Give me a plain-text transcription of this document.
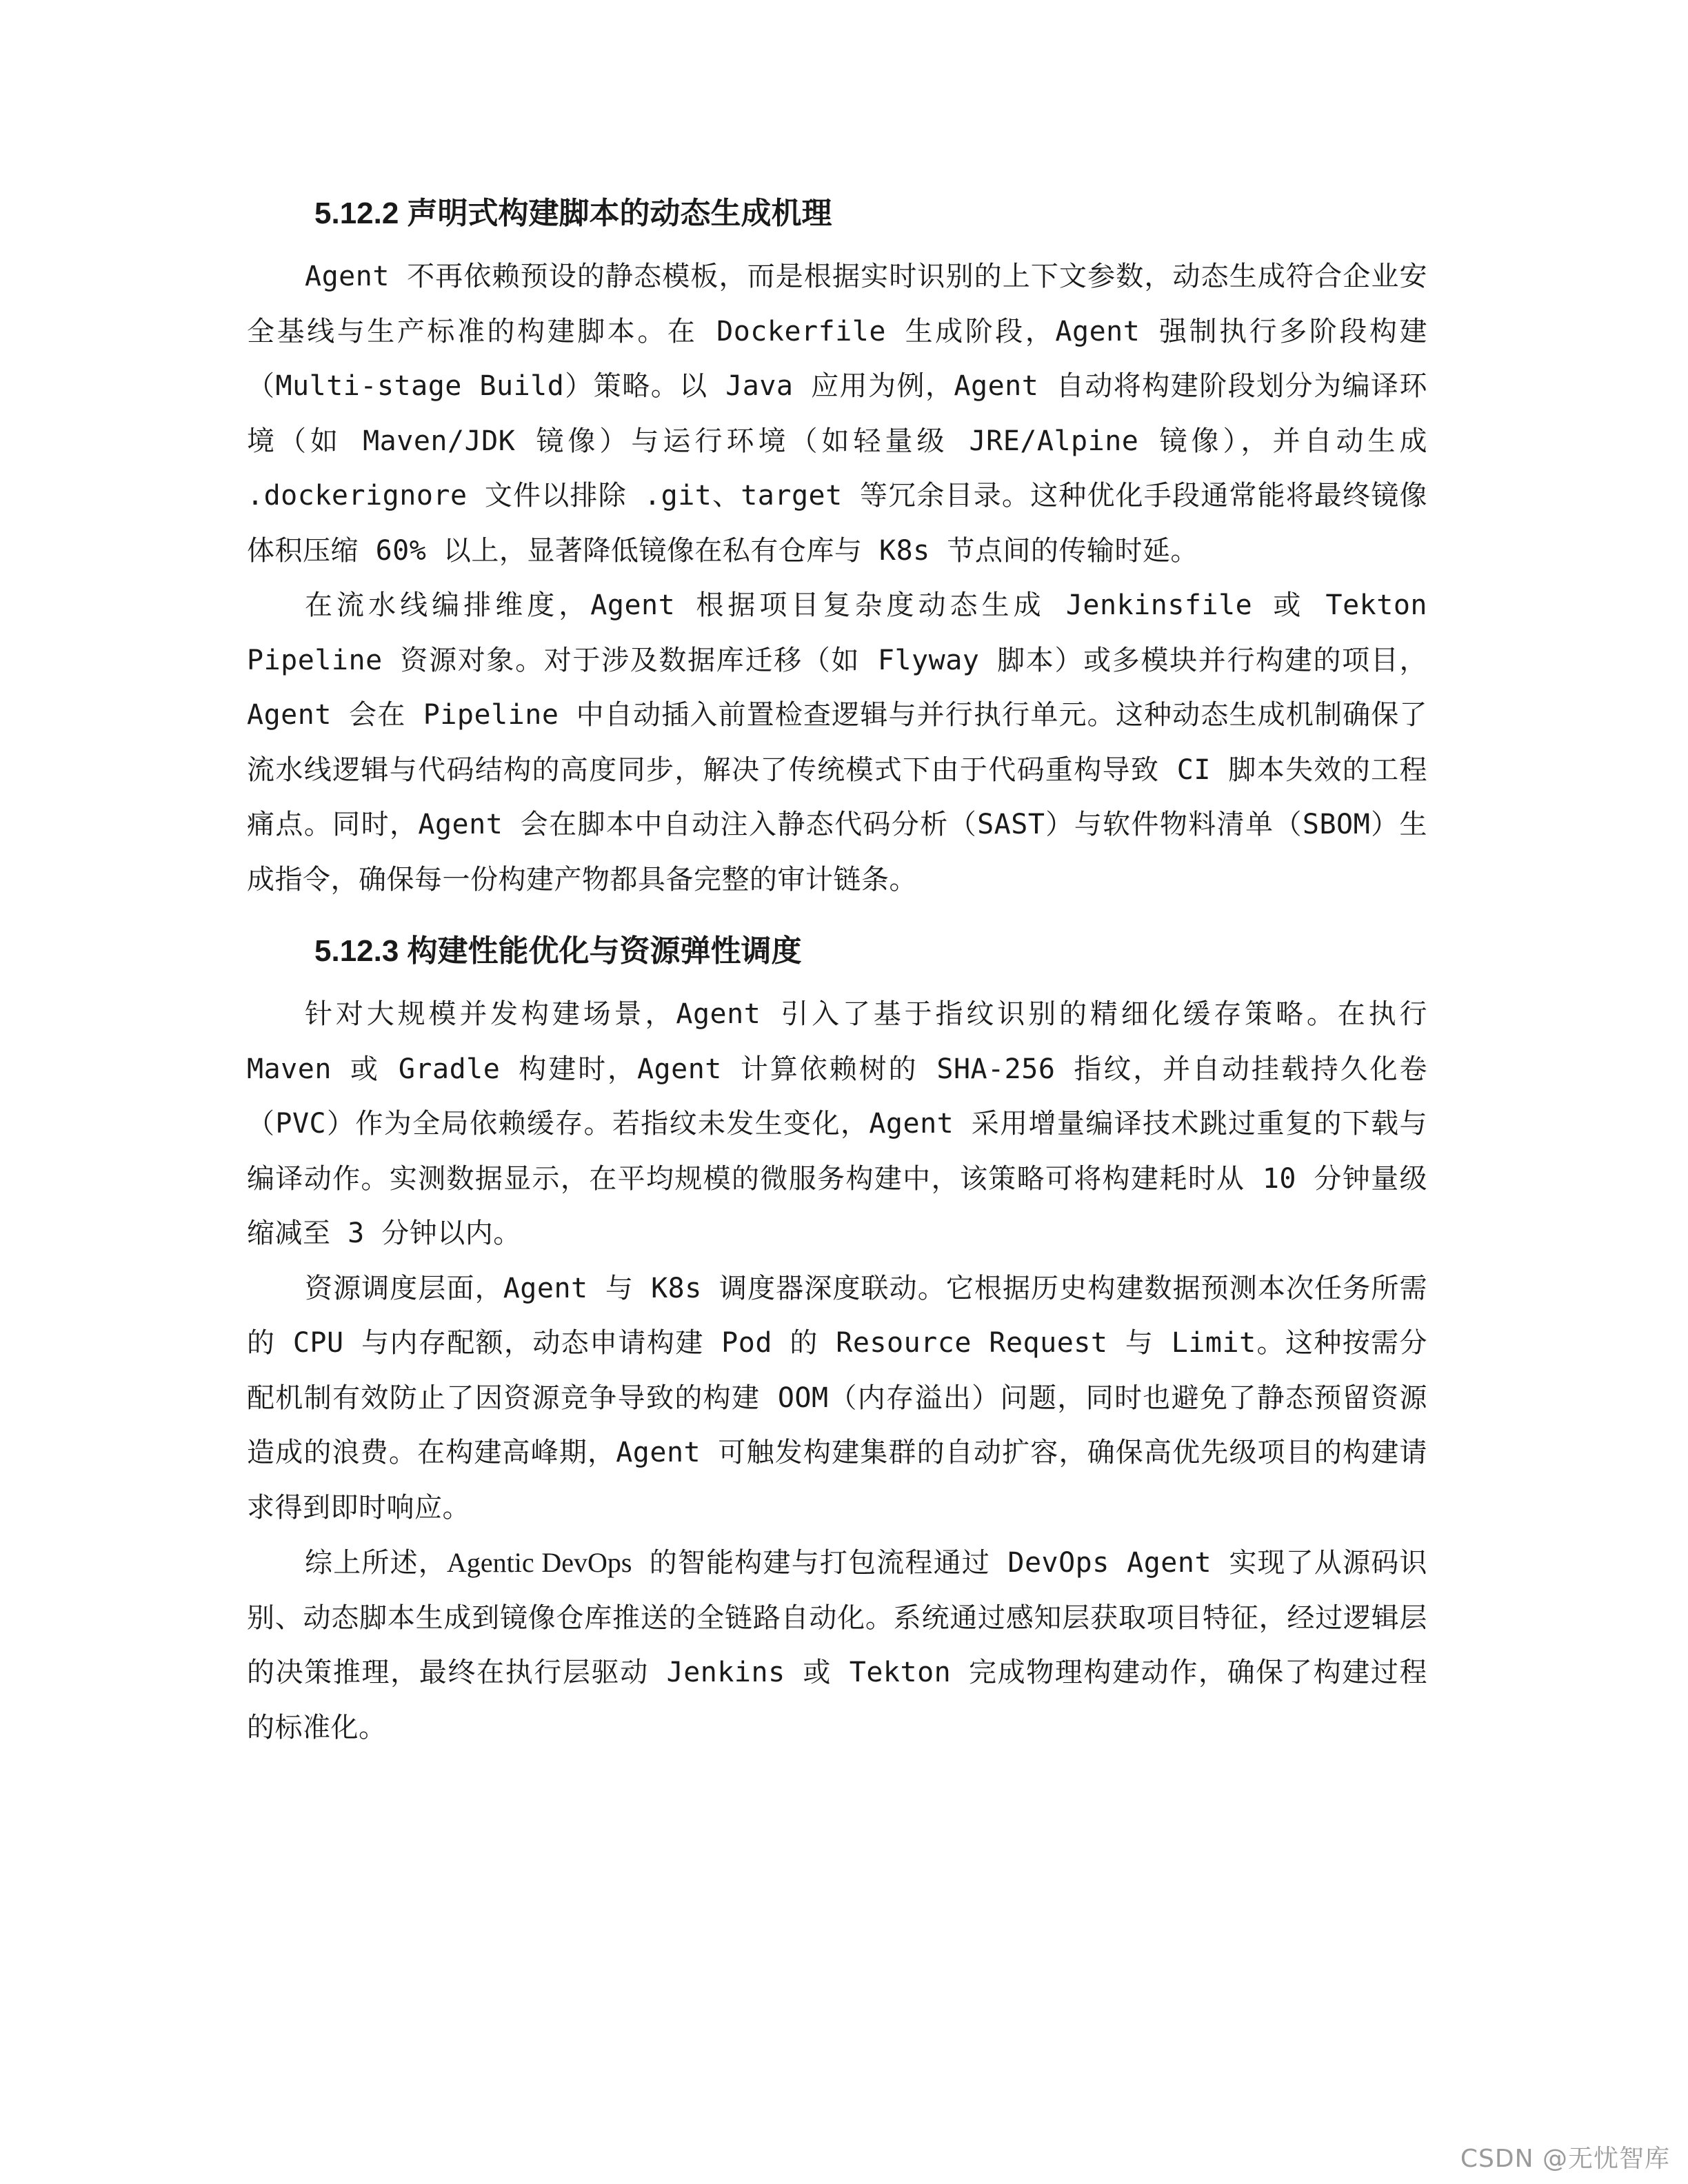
5.12.2 声明式构建脚本的动态生成机理

Agent 不再依赖预设的静态模板，而是根据实时识别的上下文参数，动态生成符合企业安全基线与生产标准的构建脚本。在 Dockerfile 生成阶段，Agent 强制执行多阶段构建（Multi-stage Build）策略。以 Java 应用为例，Agent 自动将构建阶段划分为编译环境（如 Maven/JDK 镜像）与运行环境（如轻量级 JRE/Alpine 镜像），并自动生成 .dockerignore 文件以排除 .git、target 等冗余目录。这种优化手段通常能将最终镜像体积压缩 60% 以上，显著降低镜像在私有仓库与 K8s 节点间的传输时延。

在流水线编排维度，Agent 根据项目复杂度动态生成 Jenkinsfile 或 Tekton Pipeline 资源对象。对于涉及数据库迁移（如 Flyway 脚本）或多模块并行构建的项目，Agent 会在 Pipeline 中自动插入前置检查逻辑与并行执行单元。这种动态生成机制确保了流水线逻辑与代码结构的高度同步，解决了传统模式下由于代码重构导致 CI 脚本失效的工程痛点。同时，Agent 会在脚本中自动注入静态代码分析（SAST）与软件物料清单（SBOM）生成指令，确保每一份构建产物都具备完整的审计链条。

5.12.3 构建性能优化与资源弹性调度

针对大规模并发构建场景，Agent 引入了基于指纹识别的精细化缓存策略。在执行 Maven 或 Gradle 构建时，Agent 计算依赖树的 SHA-256 指纹，并自动挂载持久化卷（PVC）作为全局依赖缓存。若指纹未发生变化，Agent 采用增量编译技术跳过重复的下载与编译动作。实测数据显示，在平均规模的微服务构建中，该策略可将构建耗时从 10 分钟量级缩减至 3 分钟以内。

资源调度层面，Agent 与 K8s 调度器深度联动。它根据历史构建数据预测本次任务所需的 CPU 与内存配额，动态申请构建 Pod 的 Resource Request 与 Limit。这种按需分配机制有效防止了因资源竞争导致的构建 OOM（内存溢出）问题，同时也避免了静态预留资源造成的浪费。在构建高峰期，Agent 可触发构建集群的自动扩容，确保高优先级项目的构建请求得到即时响应。

综上所述，Agentic DevOps 的智能构建与打包流程通过 DevOps Agent 实现了从源码识别、动态脚本生成到镜像仓库推送的全链路自动化。系统通过感知层获取项目特征，经过逻辑层的决策推理，最终在执行层驱动 Jenkins 或 Tekton 完成物理构建动作，确保了构建过程的标准化。

CSDN @无忧智库
